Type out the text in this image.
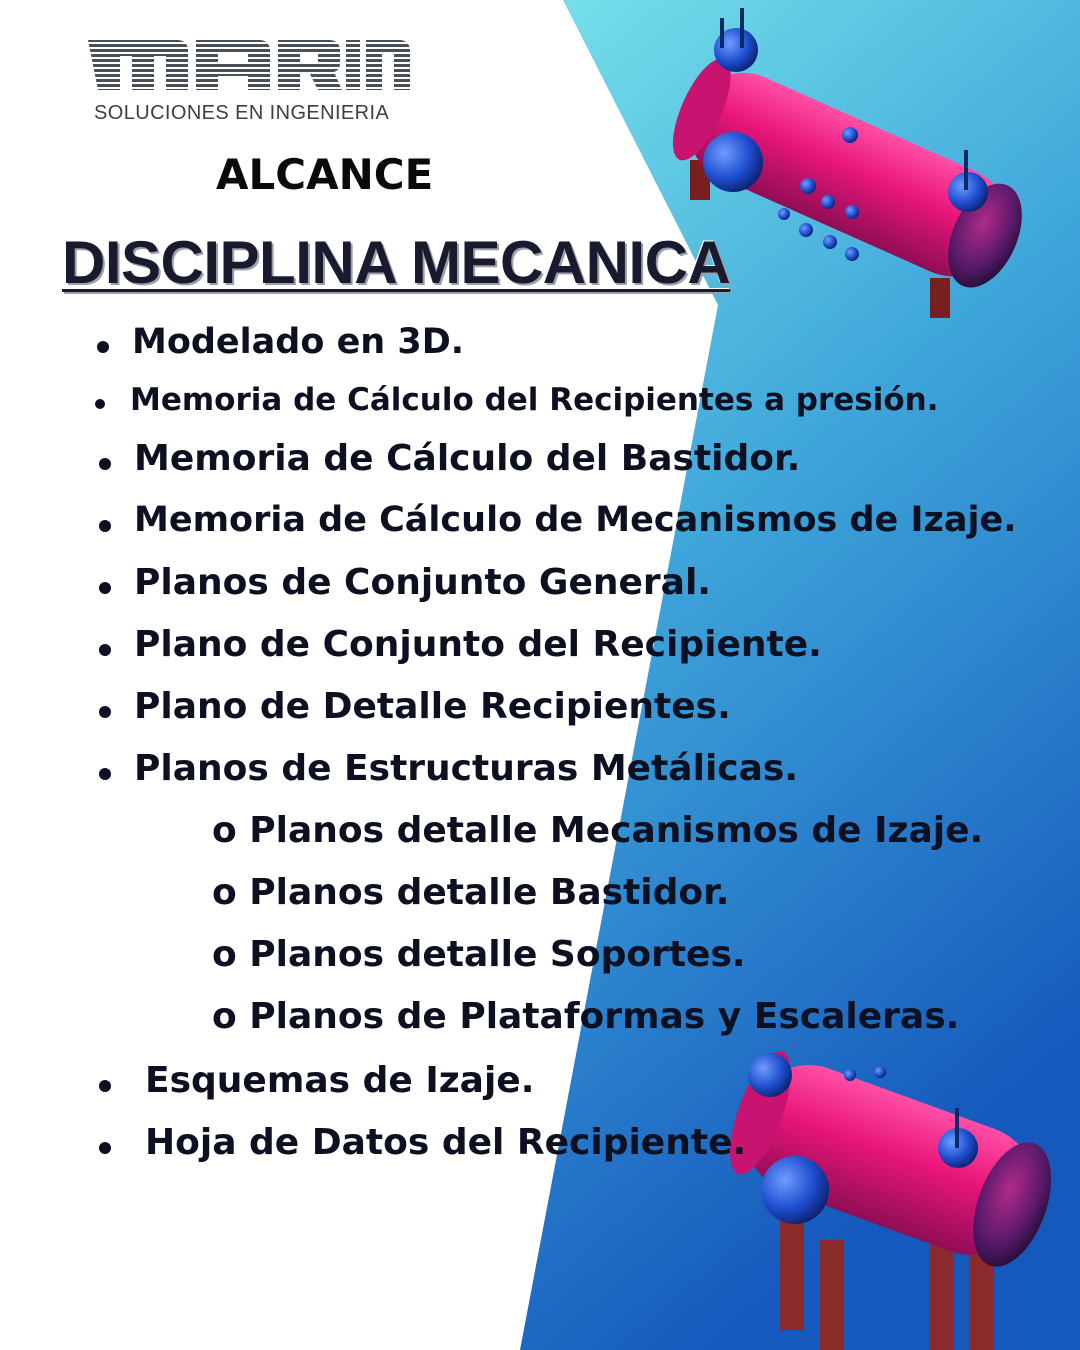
SOLUCIONES EN INGENIERIA
ALCANCE
DISCIPLINA MECANICA
Modelado en 3D.
Memoria de Cálculo del Recipientes a presión.
Memoria de Cálculo del Bastidor.
Memoria de Cálculo de Mecanismos de Izaje.
Planos de Conjunto General.
Plano de Conjunto del Recipiente.
Plano de Detalle Recipientes.
Planos de Estructuras Metálicas.
o Planos detalle Mecanismos de Izaje.
o Planos detalle Bastidor.
o Planos detalle Soportes.
o Planos de Plataformas y Escaleras.
Esquemas de Izaje.
Hoja de Datos del Recipiente.
